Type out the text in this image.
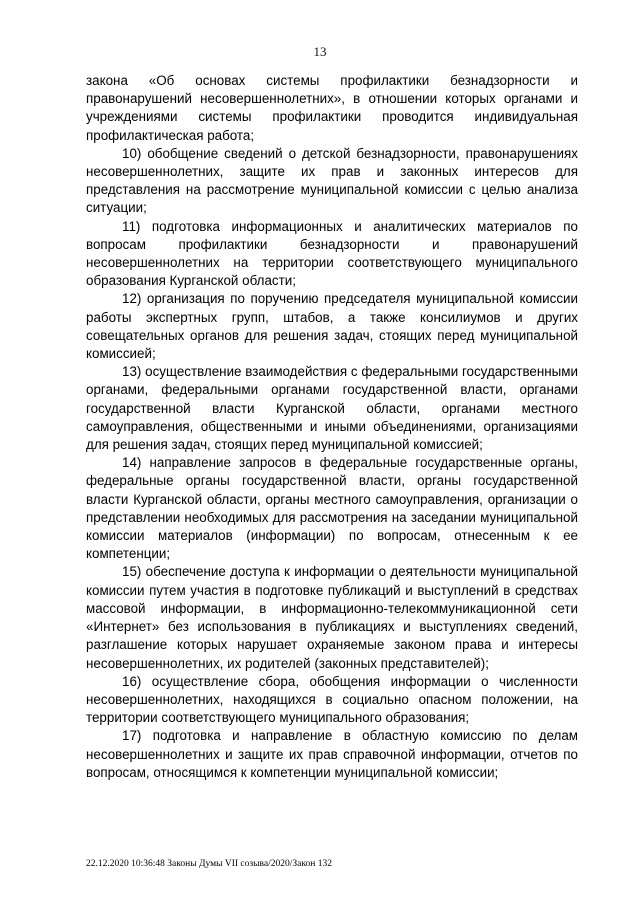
13

закона «Об основах системы профилактики безнадзорности и правонарушений несовершеннолетних», в отношении которых органами и учреждениями системы профилактики проводится индивидуальная профилактическая работа;

10) обобщение сведений о детской безнадзорности, правонарушениях несовершеннолетних, защите их прав и законных интересов для представления на рассмотрение муниципальной комиссии с целью анализа ситуации;

11) подготовка информационных и аналитических материалов по вопросам профилактики безнадзорности и правонарушений несовершеннолетних на территории соответствующего муниципального образования Курганской области;

12) организация по поручению председателя муниципальной комиссии работы экспертных групп, штабов, а также консилиумов и других совещательных органов для решения задач, стоящих перед муниципальной комиссией;

13) осуществление взаимодействия с федеральными государственными органами, федеральными органами государственной власти, органами государственной власти Курганской области, органами местного самоуправления, общественными и иными объединениями, организациями для решения задач, стоящих перед муниципальной комиссией;

14) направление запросов в федеральные государственные органы, федеральные органы государственной власти, органы государственной власти Курганской области, органы местного самоуправления, организации о представлении необходимых для рассмотрения на заседании муниципальной комиссии материалов (информации) по вопросам, отнесенным к ее компетенции;

15) обеспечение доступа к информации о деятельности муниципальной комиссии путем участия в подготовке публикаций и выступлений в средствах массовой информации, в информационно-телекоммуникационной сети «Интернет» без использования в публикациях и выступлениях сведений, разглашение которых нарушает охраняемые законом права и интересы несовершеннолетних, их родителей (законных представителей);

16) осуществление сбора, обобщения информации о численности несовершеннолетних, находящихся в социально опасном положении, на территории соответствующего муниципального образования;

17) подготовка и направление в областную комиссию по делам несовершеннолетних и защите их прав справочной информации, отчетов по вопросам, относящимся к компетенции муниципальной комиссии;

22.12.2020 10:36:48 Законы Думы VII созыва/2020/Закон 132
